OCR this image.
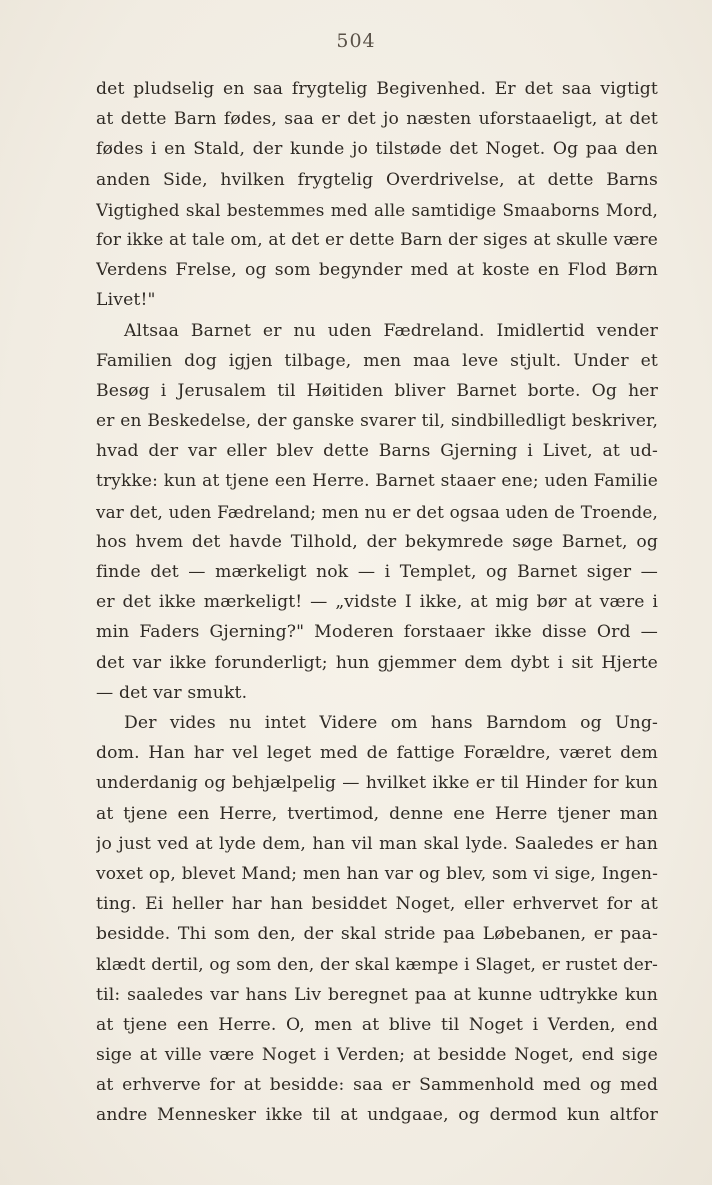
504
det pludselig en saa frygtelig Begivenhed. Er det saa vigtigt
at dette Barn fødes, saa er det jo næsten uforstaaeligt, at det
fødes i en Stald, der kunde jo tilstøde det Noget. Og paa den
anden Side, hvilken frygtelig Overdrivelse, at dette Barns
Vigtighed skal bestemmes med alle samtidige Smaaborns Mord,
for ikke at tale om, at det er dette Barn der siges at skulle være
Verdens Frelse, og som begynder med at koste en Flod Børn
Livet!"
Altsaa Barnet er nu uden Fædreland. Imidlertid vender
Familien dog igjen tilbage, men maa leve stjult. Under et
Besøg i Jerusalem til Høitiden bliver Barnet borte. Og her
er en Beskedelse, der ganske svarer til, sindbilledligt beskriver,
hvad der var eller blev dette Barns Gjerning i Livet, at ud-
trykke: kun at tjene een Herre. Barnet staaer ene; uden Familie
var det, uden Fædreland; men nu er det ogsaa uden de Troende,
hos hvem det havde Tilhold, der bekymrede søge Barnet, og
finde det — mærkeligt nok — i Templet, og Barnet siger —
er det ikke mærkeligt! — „vidste I ikke, at mig bør at være i
min Faders Gjerning?" Moderen forstaaer ikke disse Ord —
det var ikke forunderligt; hun gjemmer dem dybt i sit Hjerte
— det var smukt.
Der vides nu intet Videre om hans Barndom og Ung-
dom. Han har vel leget med de fattige Forældre, været dem
underdanig og behjælpelig — hvilket ikke er til Hinder for kun
at tjene een Herre, tvertimod, denne ene Herre tjener man
jo just ved at lyde dem, han vil man skal lyde. Saaledes er han
voxet op, blevet Mand; men han var og blev, som vi sige, Ingen-
ting. Ei heller har han besiddet Noget, eller erhvervet for at
besidde. Thi som den, der skal stride paa Løbebanen, er paa-
klædt dertil, og som den, der skal kæmpe i Slaget, er rustet der-
til: saaledes var hans Liv beregnet paa at kunne udtrykke kun
at tjene een Herre. O, men at blive til Noget i Verden, end
sige at ville være Noget i Verden; at besidde Noget, end sige
at erhverve for at besidde: saa er Sammenhold med og med
andre Mennesker ikke til at undgaae, og dermod kun altfor
